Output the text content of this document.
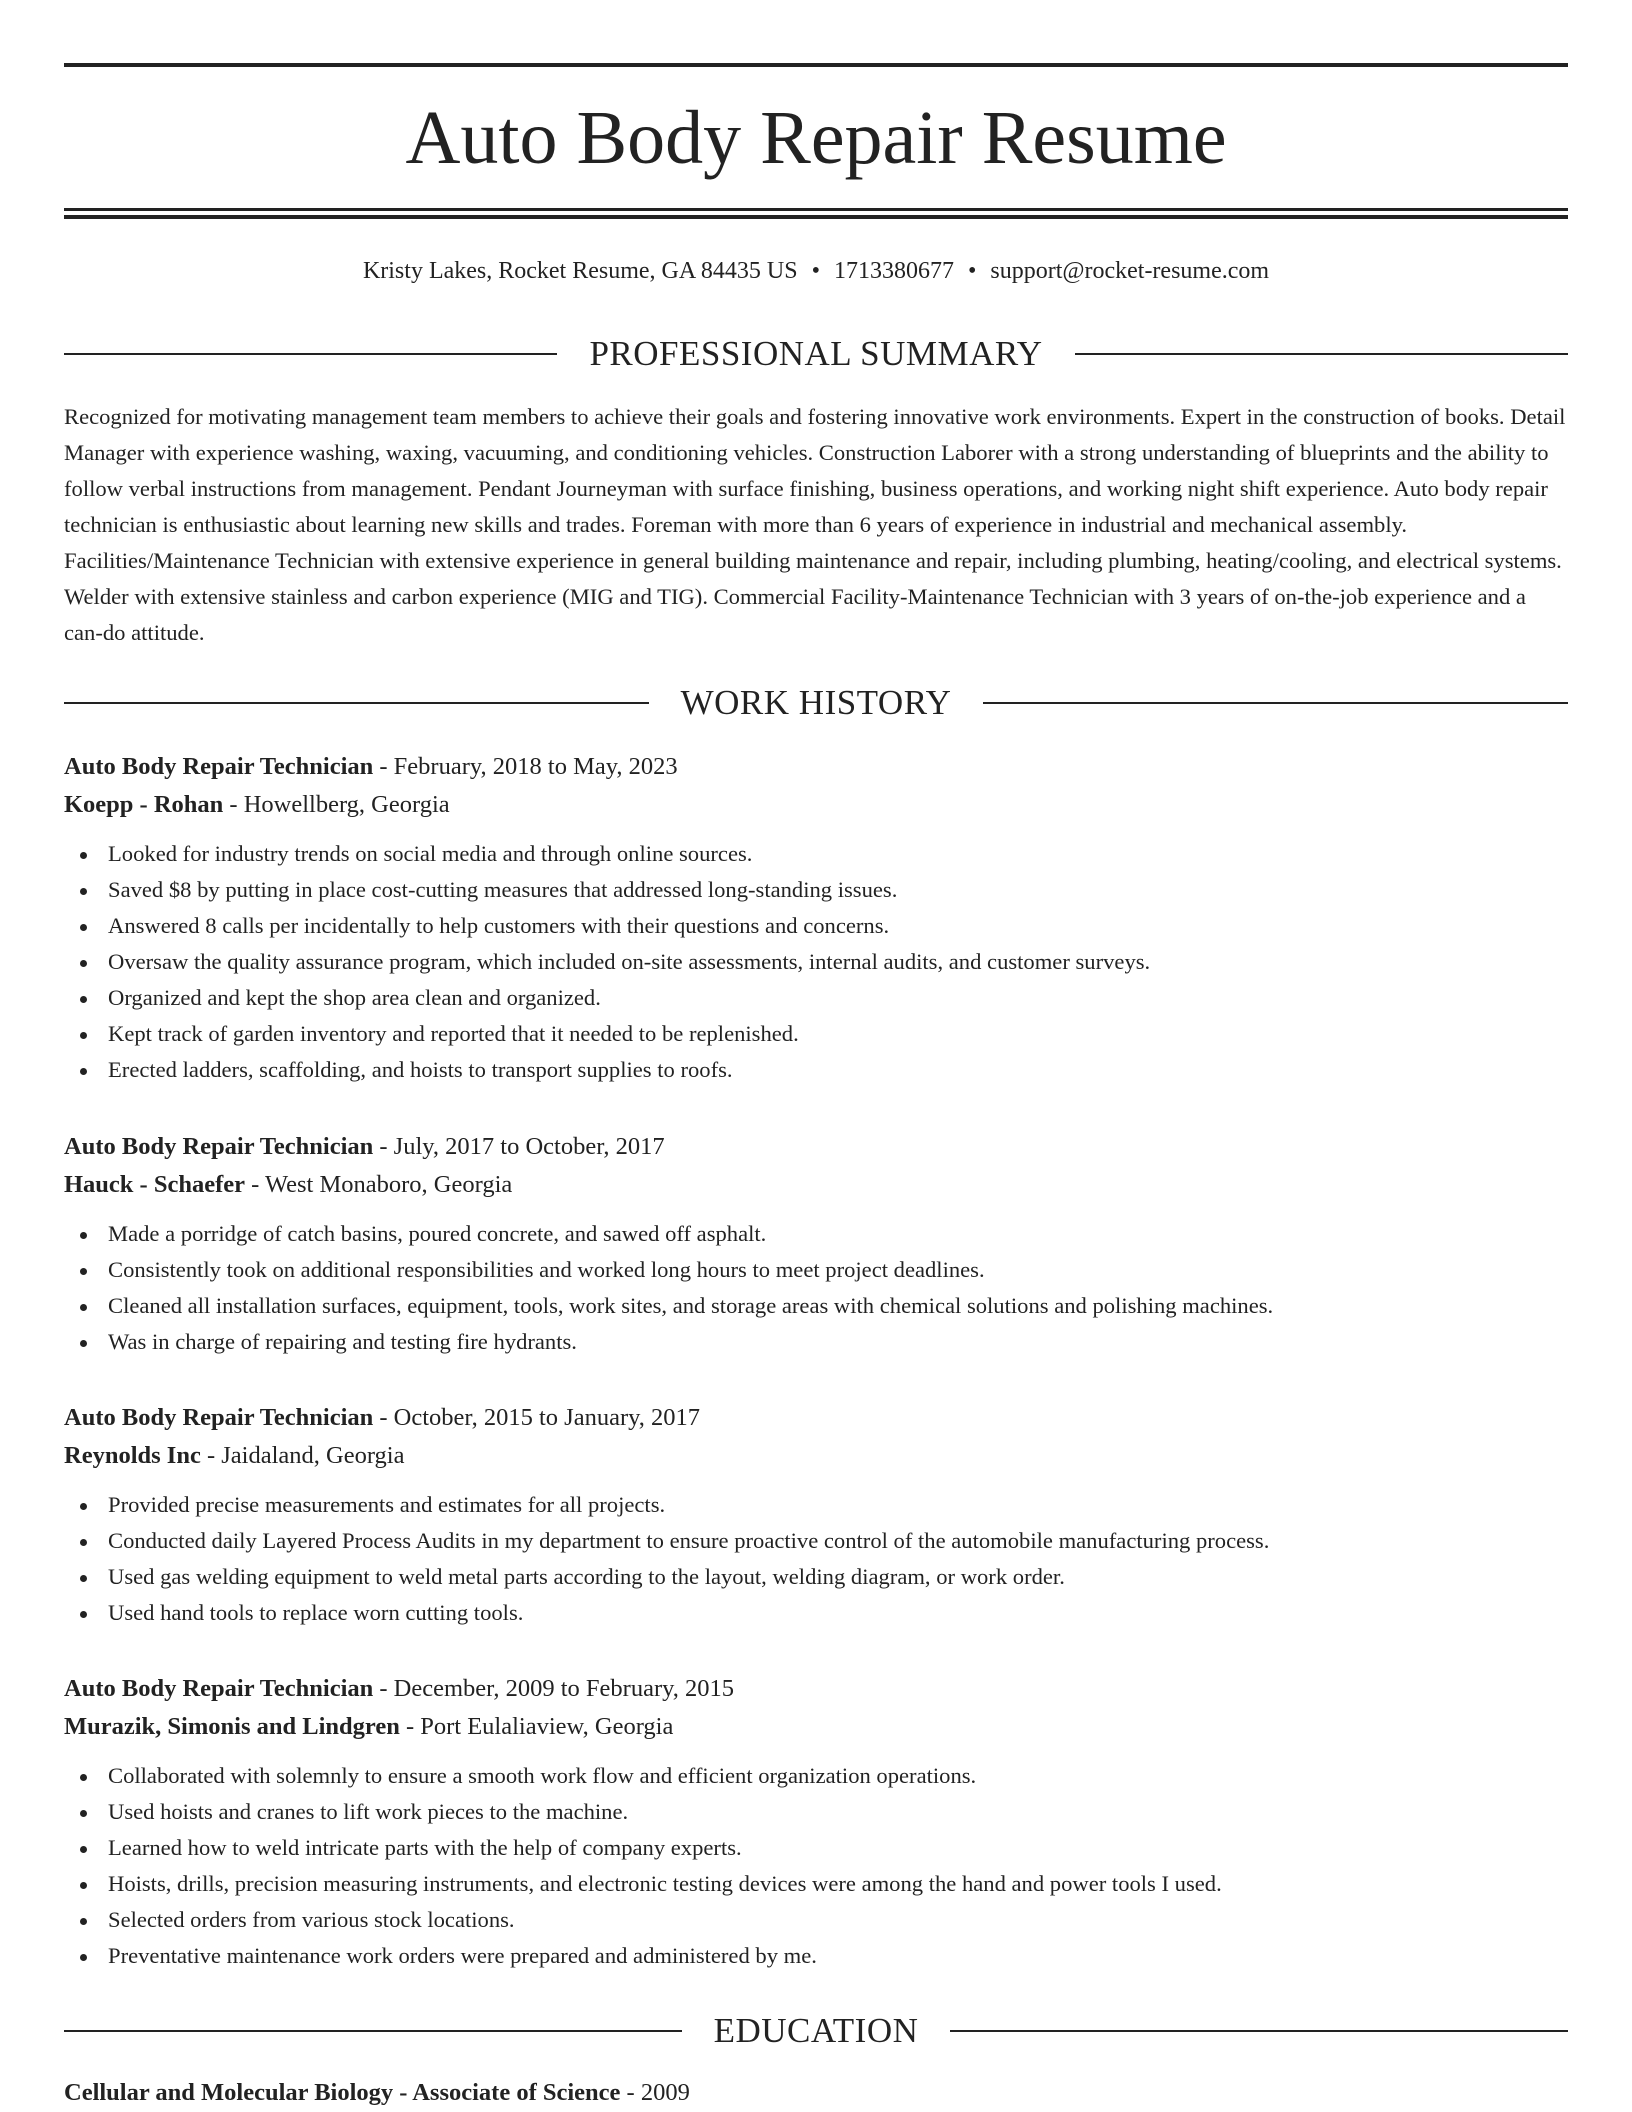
Auto Body Repair Resume
Kristy Lakes, Rocket Resume, GA 84435 US • 1713380677 • support@rocket-resume.com
PROFESSIONAL SUMMARY

Recognized for motivating management team members to achieve their goals and fostering innovative work environments. Expert in the construction of books. Detail Manager with experience washing, waxing, vacuuming, and conditioning vehicles. Construction Laborer with a strong understanding of blueprints and the ability to follow verbal instructions from management. Pendant Journeyman with surface finishing, business operations, and working night shift experience. Auto body repair technician is enthusiastic about learning new skills and trades. Foreman with more than 6 years of experience in industrial and mechanical assembly. Facilities/Maintenance Technician with extensive experience in general building maintenance and repair, including plumbing, heating/cooling, and electrical systems. Welder with extensive stainless and carbon experience (MIG and TIG). Commercial Facility-Maintenance Technician with 3 years of on-the-job experience and a can-do attitude.

WORK HISTORY
Auto Body Repair Technician - February, 2018 to May, 2023
Koepp - Rohan - Howellberg, Georgia
Looked for industry trends on social media and through online sources.
Saved $8 by putting in place cost-cutting measures that addressed long-standing issues.
Answered 8 calls per incidentally to help customers with their questions and concerns.
Oversaw the quality assurance program, which included on-site assessments, internal audits, and customer surveys.
Organized and kept the shop area clean and organized.
Kept track of garden inventory and reported that it needed to be replenished.
Erected ladders, scaffolding, and hoists to transport supplies to roofs.
Auto Body Repair Technician - July, 2017 to October, 2017
Hauck - Schaefer - West Monaboro, Georgia
Made a porridge of catch basins, poured concrete, and sawed off asphalt.
Consistently took on additional responsibilities and worked long hours to meet project deadlines.
Cleaned all installation surfaces, equipment, tools, work sites, and storage areas with chemical solutions and polishing machines.
Was in charge of repairing and testing fire hydrants.
Auto Body Repair Technician - October, 2015 to January, 2017
Reynolds Inc - Jaidaland, Georgia
Provided precise measurements and estimates for all projects.
Conducted daily Layered Process Audits in my department to ensure proactive control of the automobile manufacturing process.
Used gas welding equipment to weld metal parts according to the layout, welding diagram, or work order.
Used hand tools to replace worn cutting tools.
Auto Body Repair Technician - December, 2009 to February, 2015
Murazik, Simonis and Lindgren - Port Eulaliaview, Georgia
Collaborated with solemnly to ensure a smooth work flow and efficient organization operations.
Used hoists and cranes to lift work pieces to the machine.
Learned how to weld intricate parts with the help of company experts.
Hoists, drills, precision measuring instruments, and electronic testing devices were among the hand and power tools I used.
Selected orders from various stock locations.
Preventative maintenance work orders were prepared and administered by me.
EDUCATION
Cellular and Molecular Biology - Associate of Science - 2009
